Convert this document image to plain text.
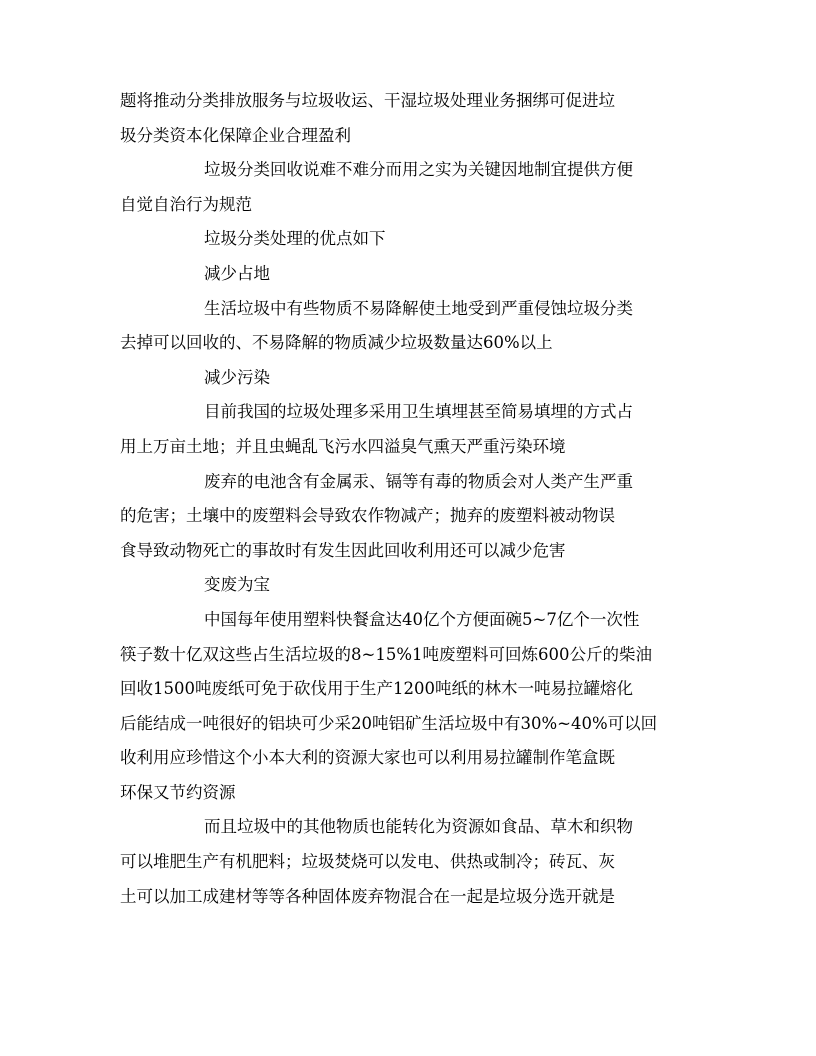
题将推动分类排放服务与垃圾收运、干湿垃圾处理业务捆绑可促进垃
圾分类资本化保障企业合理盈利
垃圾分类回收说难不难分而用之实为关键因地制宜提供方便
自觉自治行为规范
垃圾分类处理的优点如下
减少占地
生活垃圾中有些物质不易降解使土地受到严重侵蚀垃圾分类
去掉可以回收的、不易降解的物质减少垃圾数量达60%以上
减少污染
目前我国的垃圾处理多采用卫生填埋甚至简易填埋的方式占
用上万亩土地；并且虫蝇乱飞污水四溢臭气熏天严重污染环境
废弃的电池含有金属汞、镉等有毒的物质会对人类产生严重
的危害；土壤中的废塑料会导致农作物减产；抛弃的废塑料被动物误
食导致动物死亡的事故时有发生因此回收利用还可以减少危害
变废为宝
中国每年使用塑料快餐盒达40亿个方便面碗5~7亿个一次性
筷子数十亿双这些占生活垃圾的8~15%1吨废塑料可回炼600公斤的柴油
回收1500吨废纸可免于砍伐用于生产1200吨纸的林木一吨易拉罐熔化
后能结成一吨很好的铝块可少采20吨铝矿生活垃圾中有30%~40%可以回
收利用应珍惜这个小本大利的资源大家也可以利用易拉罐制作笔盒既
环保又节约资源
而且垃圾中的其他物质也能转化为资源如食品、草木和织物
可以堆肥生产有机肥料；垃圾焚烧可以发电、供热或制冷；砖瓦、灰
土可以加工成建材等等各种固体废弃物混合在一起是垃圾分选开就是
